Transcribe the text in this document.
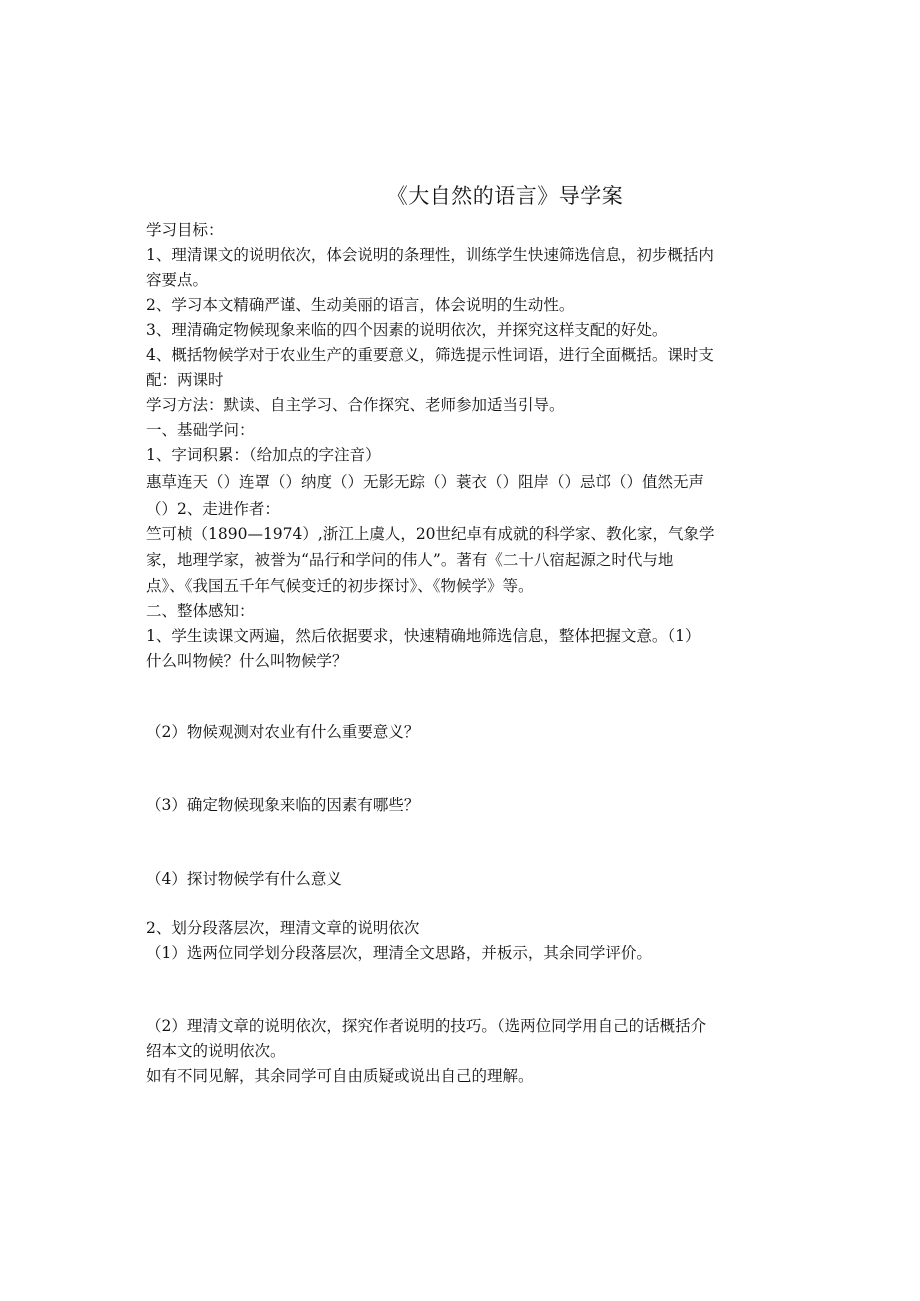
《大自然的语言》导学案
学习目标：
1、理清课文的说明依次，体会说明的条理性，训练学生快速筛选信息，初步概括内
容要点。
2、学习本文精确严谨、生动美丽的语言，体会说明的生动性。
3、理清确定物候现象来临的四个因素的说明依次，并探究这样支配的好处。
4、概括物候学对于农业生产的重要意义，筛选提示性词语，进行全面概括。课时支
配：两课时
学习方法：默读、自主学习、合作探究、老师参加适当引导。
一、基础学问：
1、字词积累：（给加点的字注音）
惠草连天（）连罩（）纳度（）无影无踪（）蓑衣（）阻岸（）忌邙（）值然无声
（）2、走进作者：
竺可桢（1890—1974）,浙江上虞人，20世纪卓有成就的科学家、教化家，气象学
家，地理学家，被誉为“品行和学问的伟人”。著有《二十八宿起源之时代与地
点》、《我国五千年气候变迁的初步探讨》、《物候学》等。
二、整体感知：
1、学生读课文两遍，然后依据要求，快速精确地筛选信息，整体把握文意。（1）
什么叫物候？什么叫物候学？
（2）物候观测对农业有什么重要意义？
（3）确定物候现象来临的因素有哪些？
（4）探讨物候学有什么意义
2、划分段落层次，理清文章的说明依次
（1）选两位同学划分段落层次，理清全文思路，并板示，其余同学评价。
（2）理清文章的说明依次，探究作者说明的技巧。（选两位同学用自己的话概括介
绍本文的说明依次。
如有不同见解，其余同学可自由质疑或说出自己的理解。
